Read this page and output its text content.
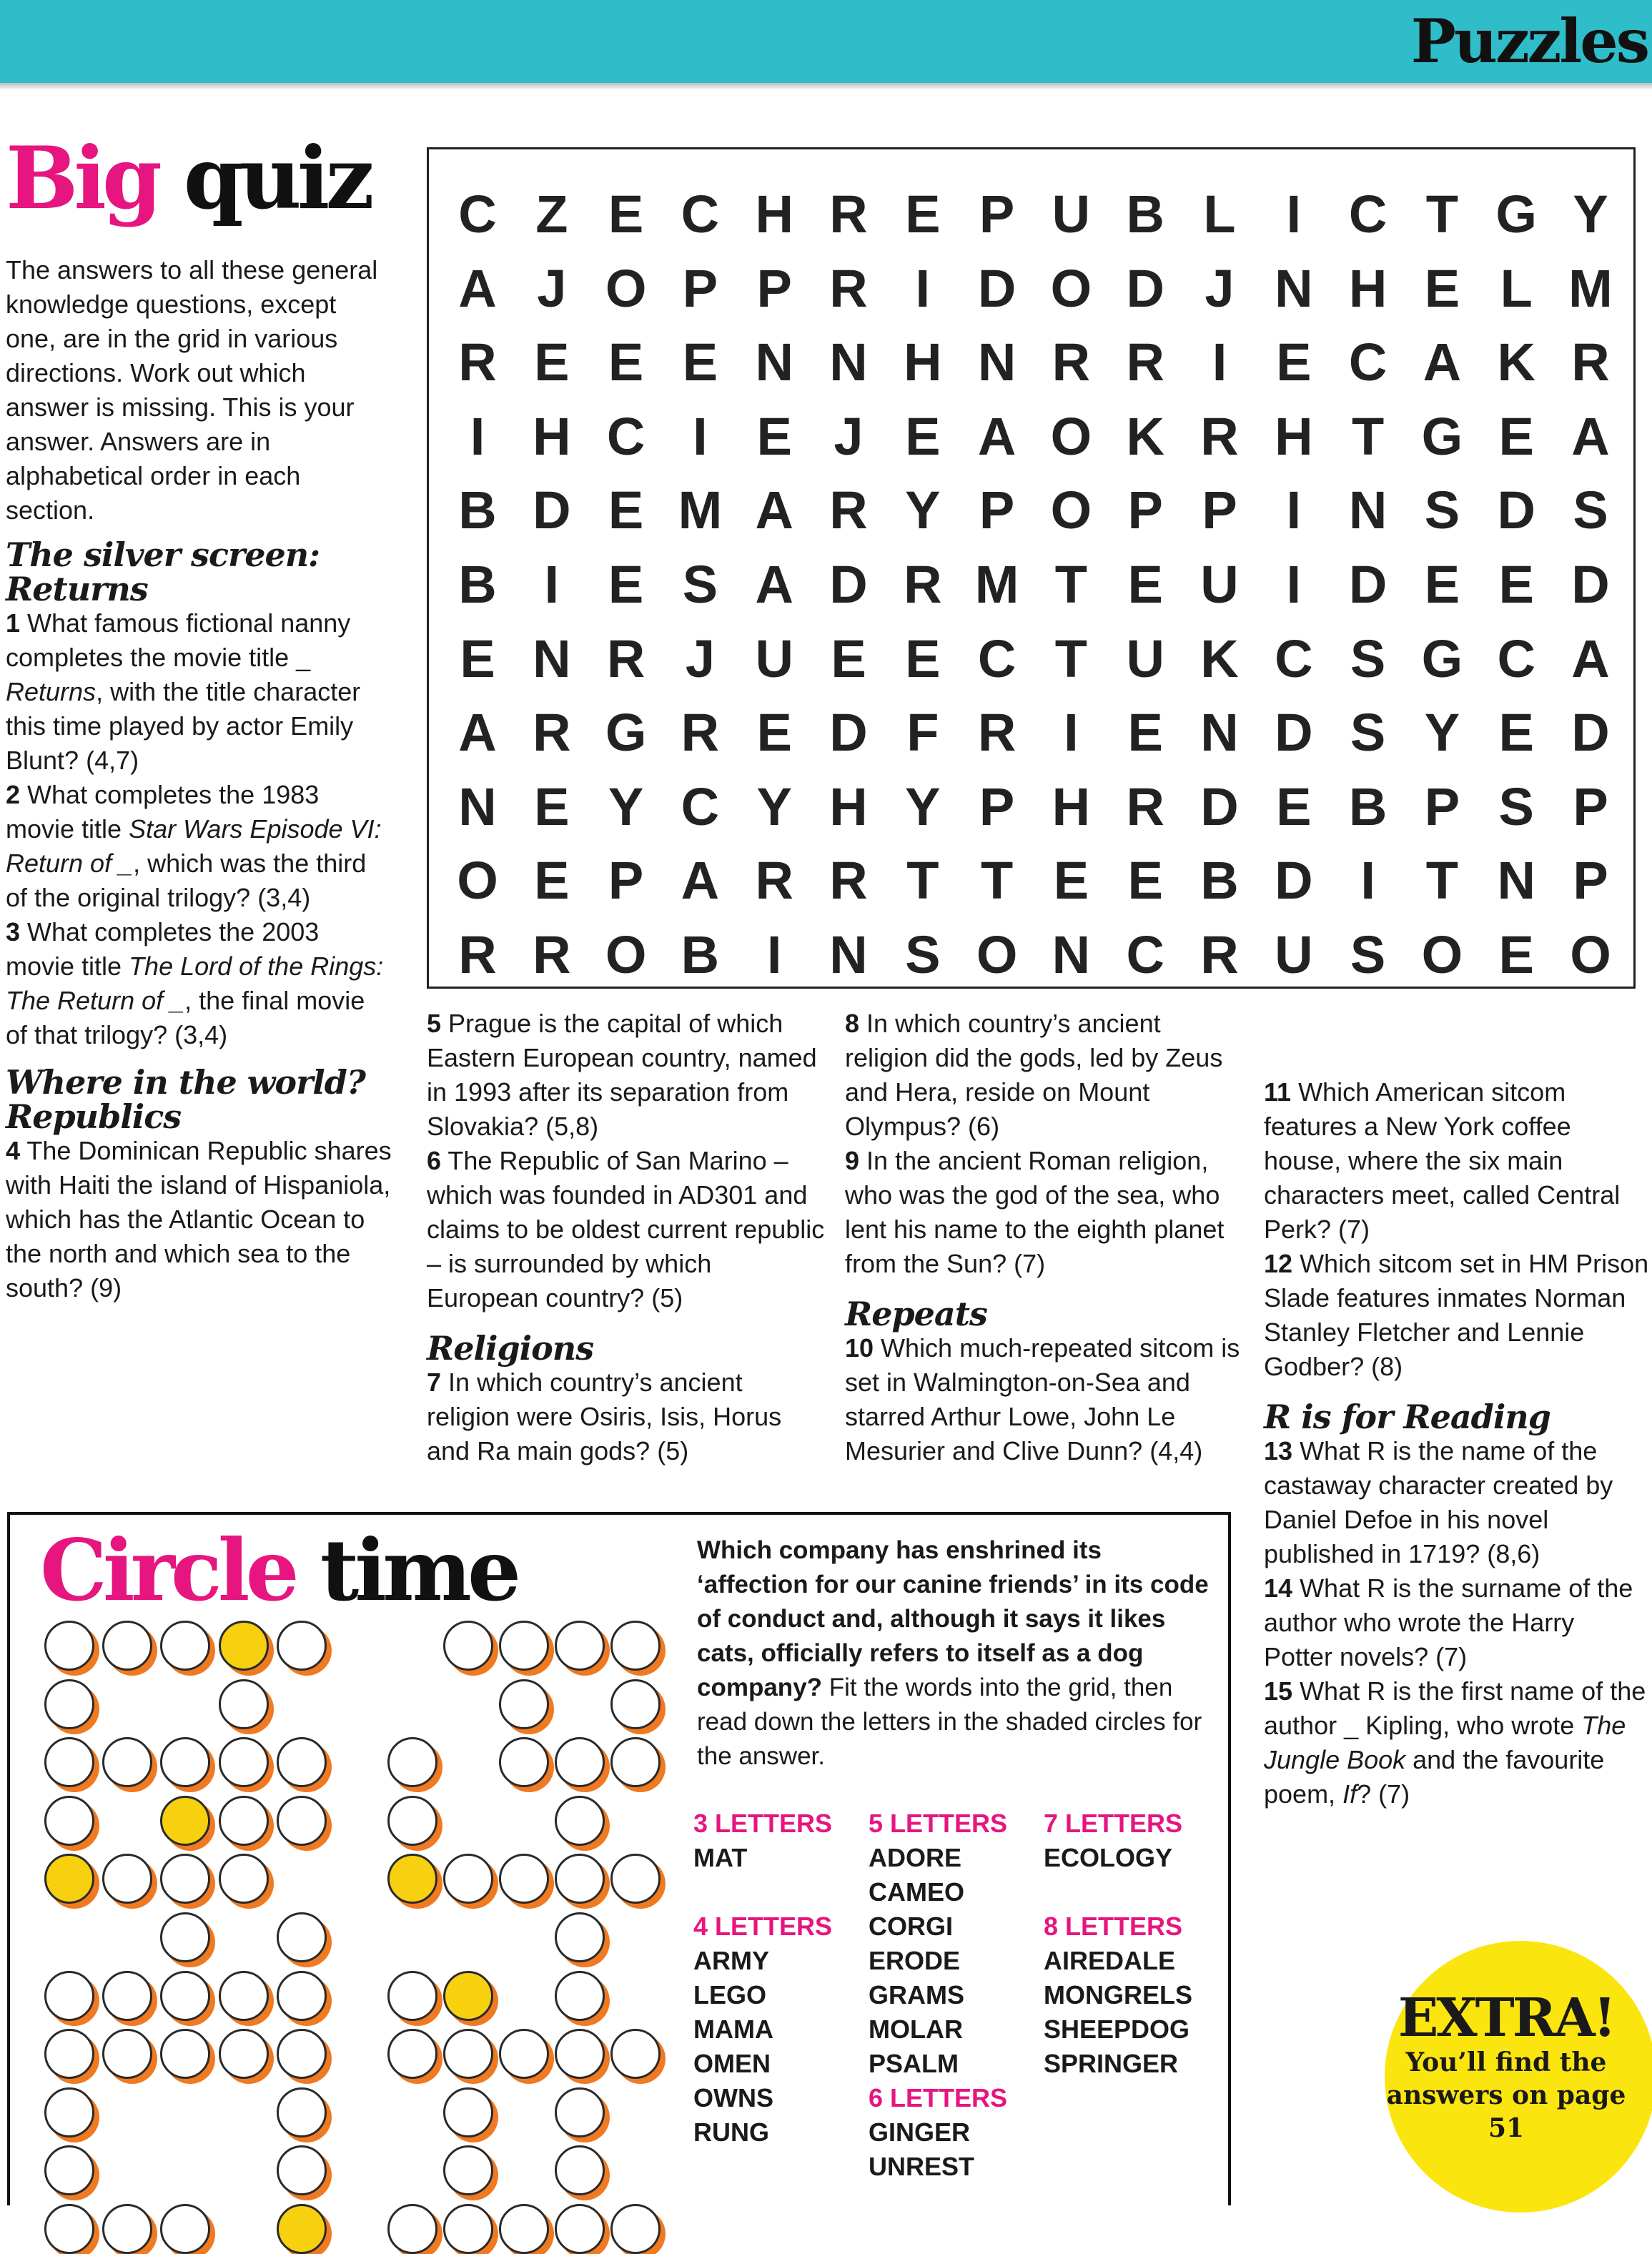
Puzzles
Big quiz

The answers to all these general knowledge questions, except one, are in the grid in various directions. Work out which answer is missing. This is your answer. Answers are in alphabetical order in each section.

The silver screen: Returns

1 What famous fictional nanny completes the movie title _ Returns, with the title character this time played by actor Emily Blunt? (4,7)

2 What completes the 1983 movie title Star Wars Episode VI: Return of _, which was the third of the original trilogy? (3,4)

3 What completes the 2003 movie title The Lord of the Rings: The Return of _, the final movie of that trilogy? (3,4)

Where in the world? Republics

4 The Dominican Republic shares with Haiti the island of Hispaniola, which has the Atlantic Ocean to the north and which sea to the south? (9)

C Z E C H R E P U B L I C T G Y
A J O P P R I D O D J N H E L M
R E E E N N H N R R I E C A K R
I H C I E J E A O K R H T G E A
B D E M A R Y P O P P I N S D S
B I E S A D R M T E U I D E E D
E N R J U E E C T U K C S G C A
A R G R E D F R I E N D S Y E D
N E Y C Y H Y P H R D E B P S P
O E P A R R T T E E B D I T N P
R R O B I N S O N C R U S O E O

5 Prague is the capital of which Eastern European country, named in 1993 after its separation from Slovakia? (5,8)

6 The Republic of San Marino – which was founded in AD301 and claims to be oldest current republic – is surrounded by which European country? (5)

Religions

7 In which country’s ancient religion were Osiris, Isis, Horus and Ra main gods? (5)

8 In which country’s ancient religion did the gods, led by Zeus and Hera, reside on Mount Olympus? (6)

9 In the ancient Roman religion, who was the god of the sea, who lent his name to the eighth planet from the Sun? (7)

Repeats

10 Which much-repeated sitcom is set in Walmington-on-Sea and starred Arthur Lowe, John Le Mesurier and Clive Dunn? (4,4)

11 Which American sitcom features a New York coffee house, where the six main characters meet, called Central Perk? (7)

12 Which sitcom set in HM Prison Slade features inmates Norman Stanley Fletcher and Lennie Godber? (8)

R is for Reading

13 What R is the name of the castaway character created by Daniel Defoe in his novel published in 1719? (8,6)

14 What R is the surname of the author who wrote the Harry Potter novels? (7)

15 What R is the first name of the author _ Kipling, who wrote The Jungle Book and the favourite poem, If? (7)

Circle time	Which company has enshrined its ‘affection for our canine friends’ in its code of conduct and, although it says it likes cats, officially refers to itself as a dog company? Fit the words into the grid, then read down the letters in the shaded circles for the answer.
3 LETTERS
MAT
4 LETTERS
ARMY
LEGO
MAMA
OMEN
OWNS
RUNG
5 LETTERS
ADORE
CAMEO
CORGI
ERODE
GRAMS
MOLAR
PSALM
6 LETTERS
GINGER
UNREST
7 LETTERS
ECOLOGY
8 LETTERS
AIREDALE
MONGRELS
SHEEPDOG
SPRINGER
EXTRA!
You’ll find the answers on page 51
